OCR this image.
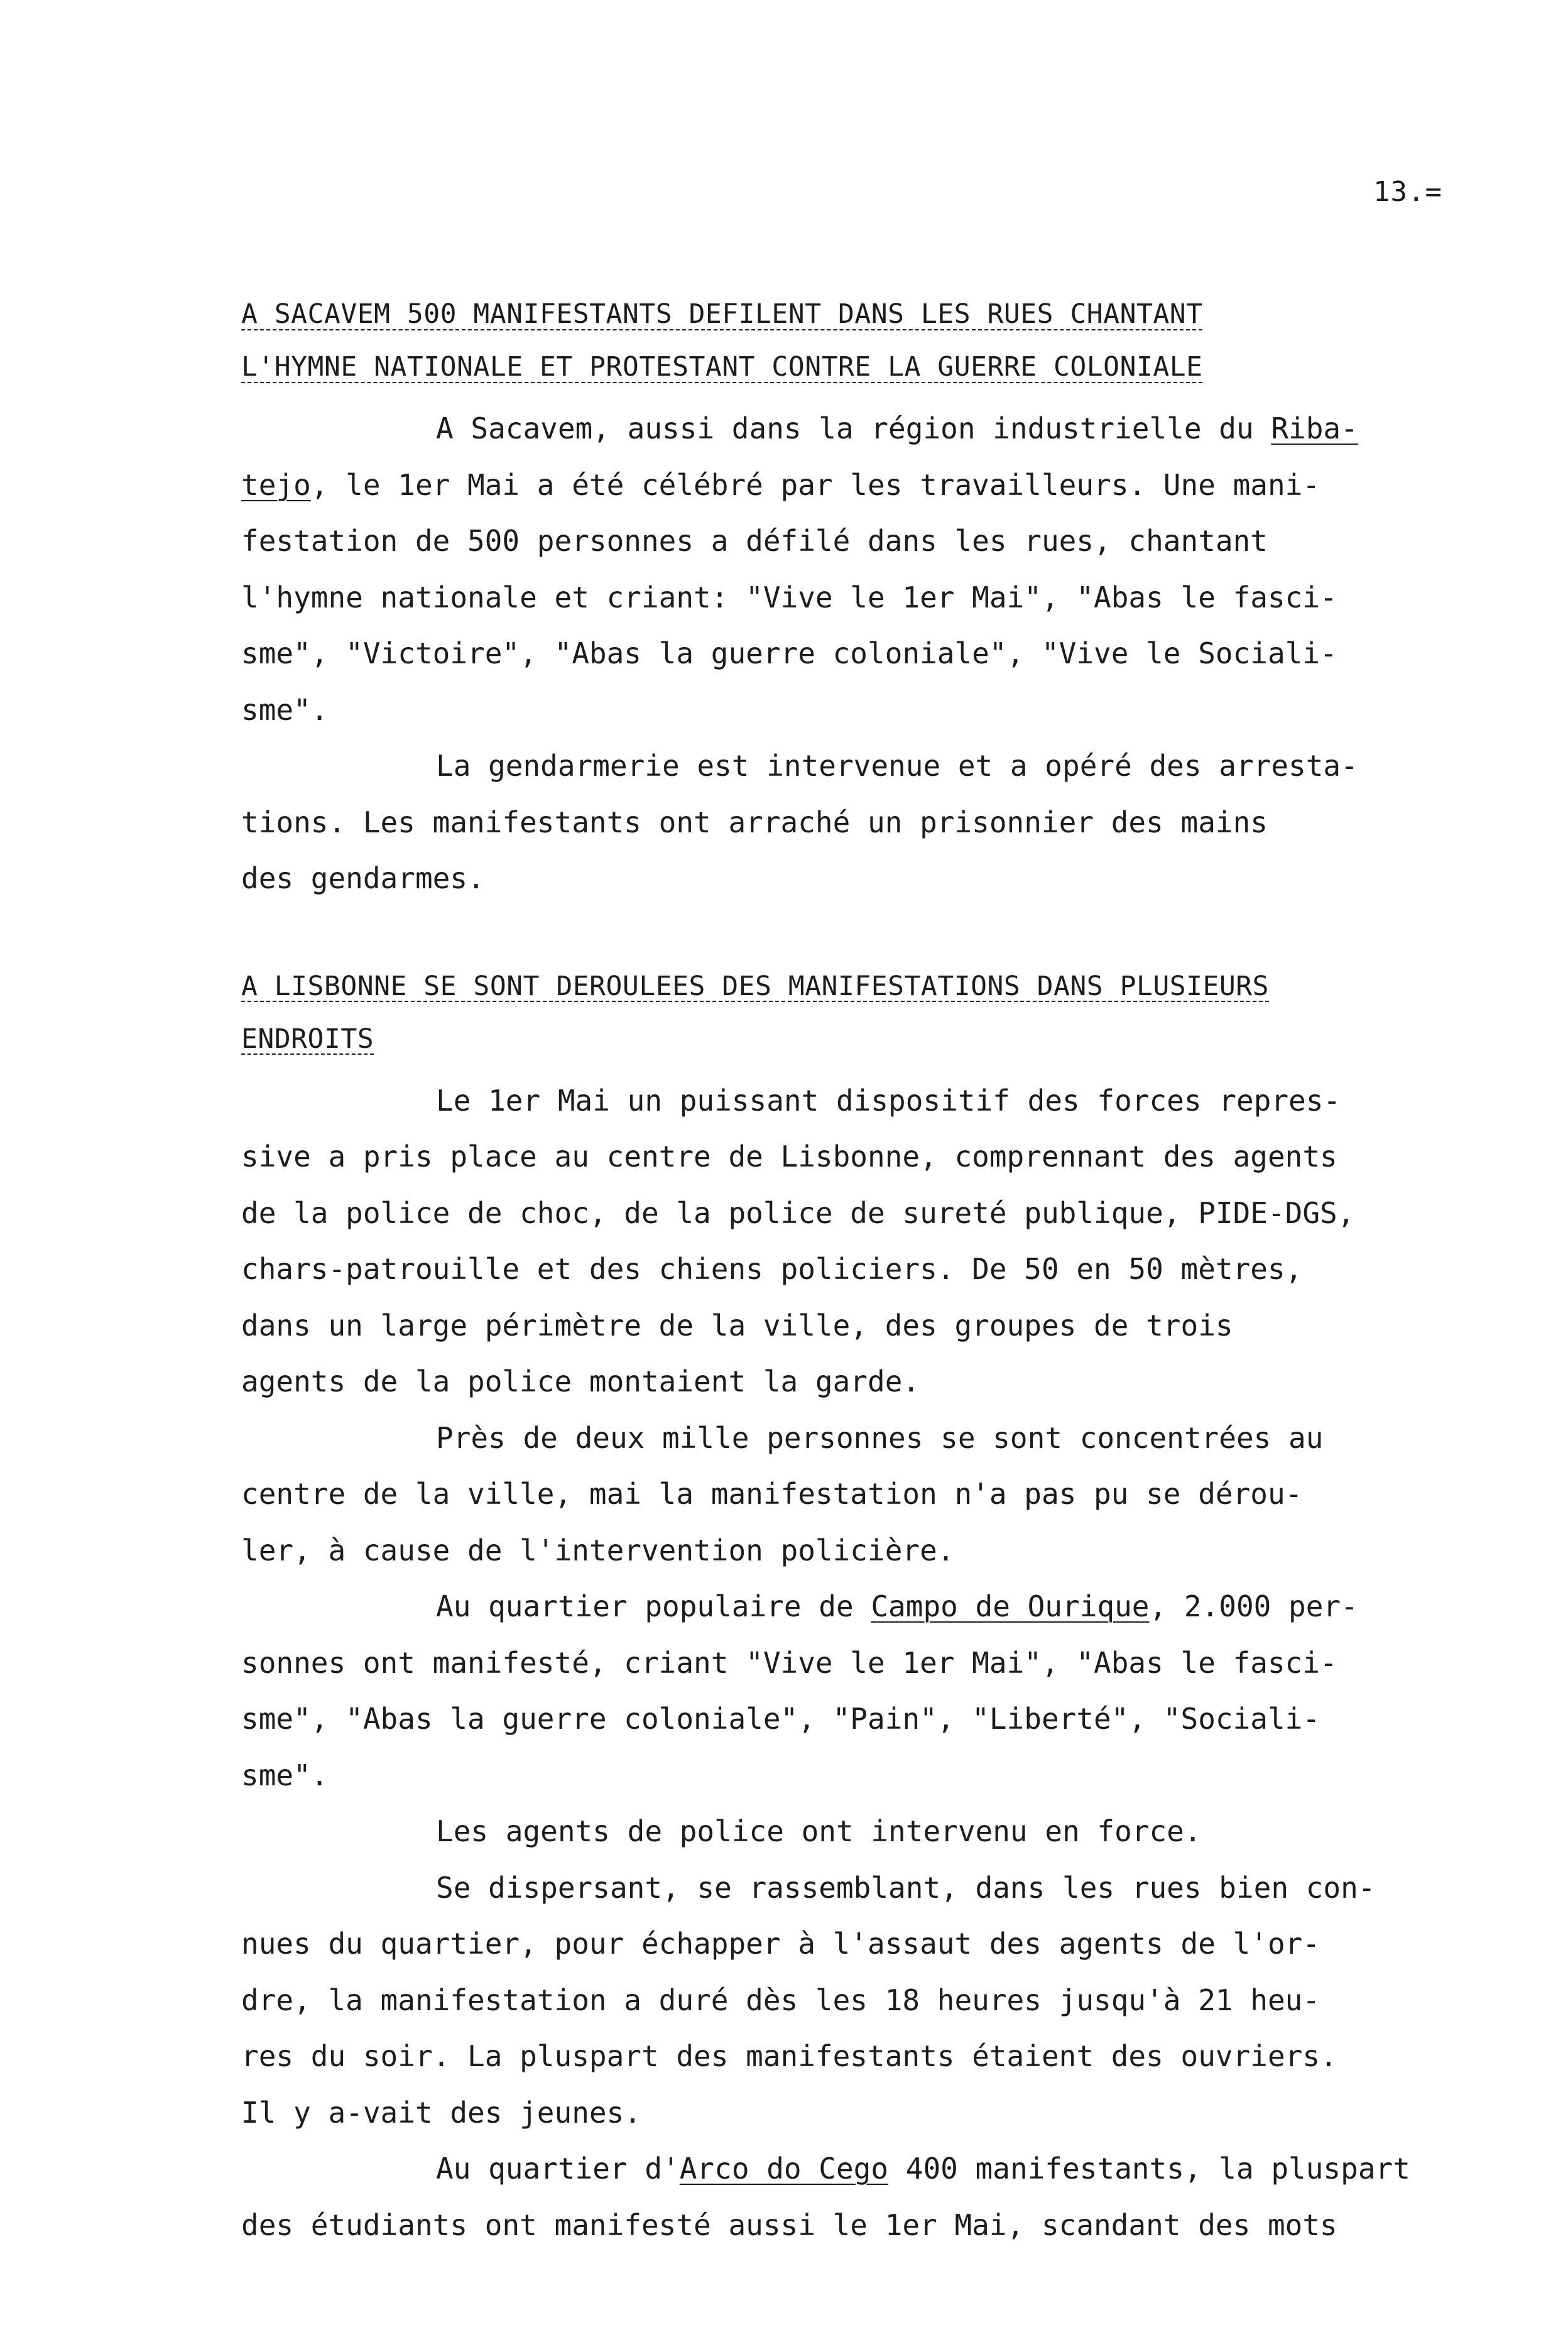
13.=

A SACAVEM 500 MANIFESTANTS DEFILENT DANS LES RUES CHANTANT
L'HYMNE NATIONALE ET PROTESTANT CONTRE LA GUERRE COLONIALE

A Sacavem, aussi dans la région industrielle du Riba-
tejo, le 1er Mai a été célébré par les travailleurs. Une mani-
festation de 500 personnes a défilé dans les rues, chantant
l'hymne nationale et criant: "Vive le 1er Mai", "Abas le fasci-
sme", "Victoire", "Abas la guerre coloniale", "Vive le Sociali-
sme".

La gendarmerie est intervenue et a opéré des arresta-
tions. Les manifestants ont arraché un prisonnier des mains
des gendarmes.

A LISBONNE SE SONT DEROULEES DES MANIFESTATIONS DANS PLUSIEURS
ENDROITS

Le 1er Mai un puissant dispositif des forces repres-
sive a pris place au centre de Lisbonne, comprennant des agents
de la police de choc, de la police de sureté publique, PIDE-DGS,
chars-patrouille et des chiens policiers. De 50 en 50 mètres,
dans un large périmètre de la ville, des groupes de trois
agents de la police montaient la garde.

Près de deux mille personnes se sont concentrées au
centre de la ville, mai la manifestation n'a pas pu se dérou-
ler, à cause de l'intervention policière.

Au quartier populaire de Campo de Ourique, 2.000 per-
sonnes ont manifesté, criant "Vive le 1er Mai", "Abas le fasci-
sme", "Abas la guerre coloniale", "Pain", "Liberté", "Sociali-
sme".

Les agents de police ont intervenu en force.

Se dispersant, se rassemblant, dans les rues bien con-
nues du quartier, pour échapper à l'assaut des agents de l'or-
dre, la manifestation a duré dès les 18 heures jusqu'à 21 heu-
res du soir. La pluspart des manifestants étaient des ouvriers.
Il y a-vait des jeunes.

Au quartier d'Arco do Cego 400 manifestants, la pluspart
des étudiants ont manifesté aussi le 1er Mai, scandant des mots
